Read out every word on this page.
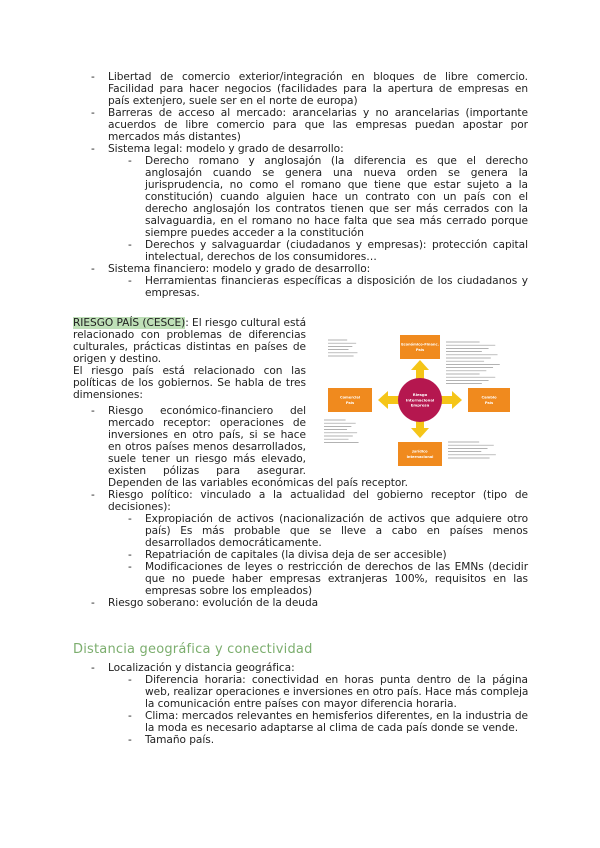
- Libertad de comercio exterior/integración en bloques de libre comercio.
Facilidad para hacer negocios (facilidades para la apertura de empresas en
país extenjero, suele ser en el norte de europa)
- Barreras de acceso al mercado: arancelarias y no arancelarias (importante
acuerdos de libre comercio para que las empresas puedan apostar por
mercados más distantes)
- Sistema legal: modelo y grado de desarrollo:
- Derecho romano y anglosajón (la diferencia es que el derecho
anglosajón cuando se genera una nueva orden se genera la
jurisprudencia, no como el romano que tiene que estar sujeto a la
constitución) cuando alguien hace un contrato con un país con el
derecho anglosajón los contratos tienen que ser más cerrados con la
salvaguardia, en el romano no hace falta que sea más cerrado porque
siempre puedes acceder a la constitución
- Derechos y salvaguardar (ciudadanos y empresas): protección capital
intelectual, derechos de los consumidores…
- Sistema financiero: modelo y grado de desarrollo:
- Herramientas financieras específicas a disposición de los ciudadanos y
empresas.
RIESGO PAÍS (CESCE): El riesgo cultural está
relacionado con problemas de diferencias
culturales, prácticas distintas en países de
origen y destino.
El riesgo país está relacionado con las
políticas de los gobiernos. Se habla de tres
dimensiones:
- Riesgo económico-financiero del
mercado receptor: operaciones de
inversiones en otro país, si se hace
en otros países menos desarrollados,
suele tener un riesgo más elevado,
existen pólizas para asegurar.
Dependen de las variables económicas del país receptor.
- Riesgo político: vinculado a la actualidad del gobierno receptor (tipo de
decisiones):
- Expropiación de activos (nacionalización de activos que adquiere otro
país) Es más probable que se lleve a cabo en países menos
desarrollados democráticamente.
- Repatriación de capitales (la divisa deja de ser accesible)
- Modificaciones de leyes o restricción de derechos de las EMNs (decidir
que no puede haber empresas extranjeras 100%, requisitos en las
empresas sobre los empleados)
- Riesgo soberano: evolución de la deuda
Distancia geográfica y conectividad
- Localización y distancia geográfica:
- Diferencia horaria: conectividad en horas punta dentro de la página
web, realizar operaciones e inversiones en otro país. Hace más compleja
la comunicación entre países con mayor diferencia horaria.
- Clima: mercados relevantes en hemisferios diferentes, en la industria de
la moda es necesario adaptarse al clima de cada país donde se vende.
- Tamaño país.
Económico-Financ.
País
Comercial
País
Cambio
País
Jurídico
Internacional
Riesgo
Internacional
Empresa
